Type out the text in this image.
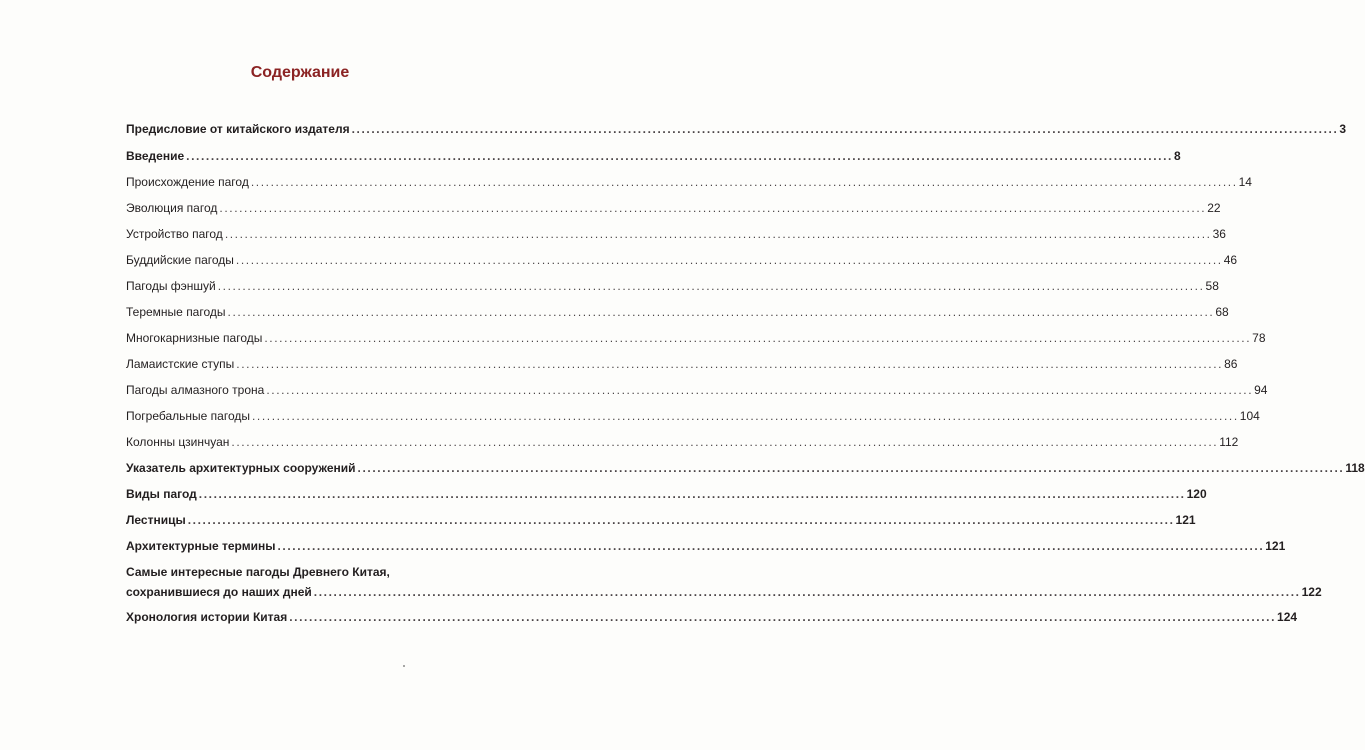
Содержание
Предисловие от китайского издателя ........................................................................................................................................................................................................ 3
Введение ........................................................................................................................................................................................................ 8
Происхождение пагод ........................................................................................................................................................................................................ 14
Эволюция пагод ........................................................................................................................................................................................................ 22
Устройство пагод ........................................................................................................................................................................................................ 36
Буддийские пагоды ........................................................................................................................................................................................................ 46
Пагоды фэншуй ........................................................................................................................................................................................................ 58
Теремные пагоды ........................................................................................................................................................................................................ 68
Многокарнизные пагоды ........................................................................................................................................................................................................ 78
Ламаистские ступы ........................................................................................................................................................................................................ 86
Пагоды алмазного трона ........................................................................................................................................................................................................ 94
Погребальные пагоды ........................................................................................................................................................................................................ 104
Колонны цзинчуан ........................................................................................................................................................................................................ 112
Указатель архитектурных сооружений ........................................................................................................................................................................................................ 118
Виды пагод ........................................................................................................................................................................................................ 120
Лестницы ........................................................................................................................................................................................................ 121
Архитектурные термины ........................................................................................................................................................................................................ 121
Самые интересные пагоды Древнего Китая,
сохранившиеся до наших дней ........................................................................................................................................................................................................ 122
Хронология истории Китая ........................................................................................................................................................................................................ 124
